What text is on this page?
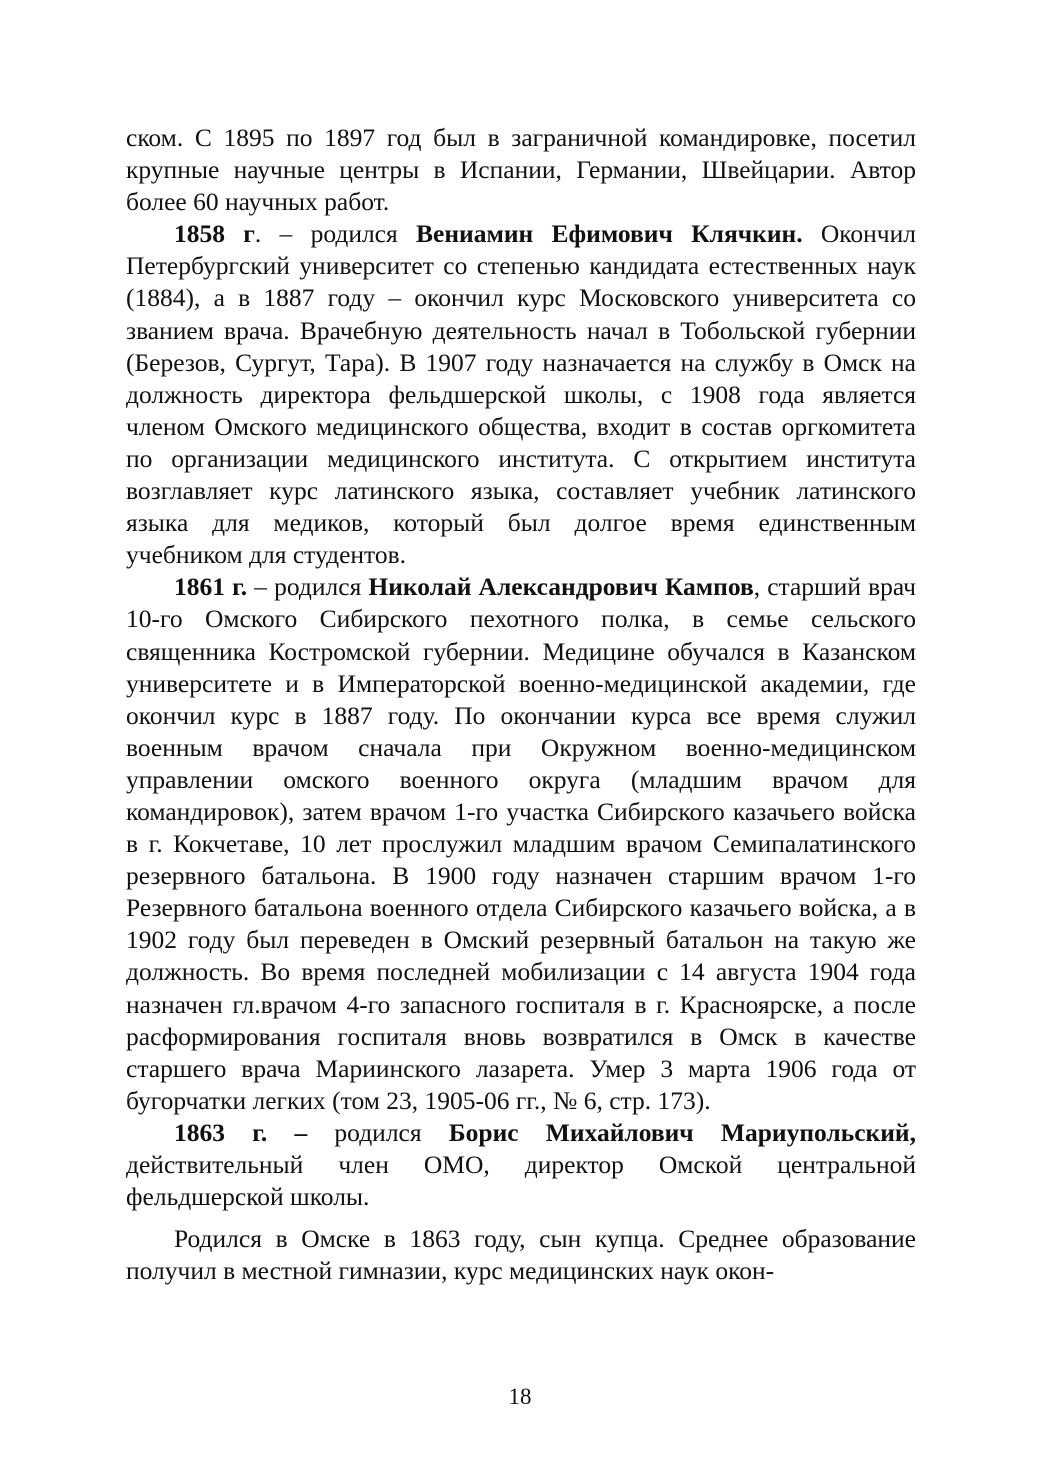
ском. С 1895 по 1897 год был в заграничной командировке, посетил крупные научные центры в Испании, Германии, Швейцарии. Автор более 60 научных работ.

1858 г. – родился Вениамин Ефимович Клячкин. Окончил Петербургский университет со степенью кандидата естественных наук (1884), а в 1887 году – окончил курс Московского университета со званием врача. Врачебную деятельность начал в Тобольской губернии (Березов, Сургут, Тара). В 1907 году назначается на службу в Омск на должность директора фельдшерской школы, с 1908 года является членом Омского медицинского общества, входит в состав оргкомитета по организации медицинского института. С открытием института возглавляет курс латинского языка, составляет учебник латинского языка для медиков, который был долгое время единственным учебником для студентов.

1861 г. – родился Николай Александрович Кампов, старший врач 10-го Омского Сибирского пехотного полка, в семье сельского священника Костромской губернии. Медицине обучался в Казанском университете и в Императорской военно-медицинской академии, где окончил курс в 1887 году. По окончании курса все время служил военным врачом сначала при Окружном военно-медицинском управлении омского военного округа (младшим врачом для командировок), затем врачом 1-го участка Сибирского казачьего войска в г. Кокчетаве, 10 лет прослужил младшим врачом Семипалатинского резервного батальона. В 1900 году назначен старшим врачом 1-го Резервного батальона военного отдела Сибирского казачьего войска, а в 1902 году был переведен в Омский резервный батальон на такую же должность. Во время последней мобилизации с 14 августа 1904 года назначен гл.врачом 4-го запасного госпиталя в г. Красноярске, а после расформирования госпиталя вновь возвратился в Омск в качестве старшего врача Мариинского лазарета. Умер 3 марта 1906 года от бугорчатки легких (том 23, 1905-06 гг., № 6, стр. 173).

1863 г. – родился Борис Михайлович Мариупольский, действительный член ОМО, директор Омской центральной фельдшерской школы.

Родился в Омске в 1863 году, сын купца. Среднее образование получил в местной гимназии, курс медицинских наук окон-

18
